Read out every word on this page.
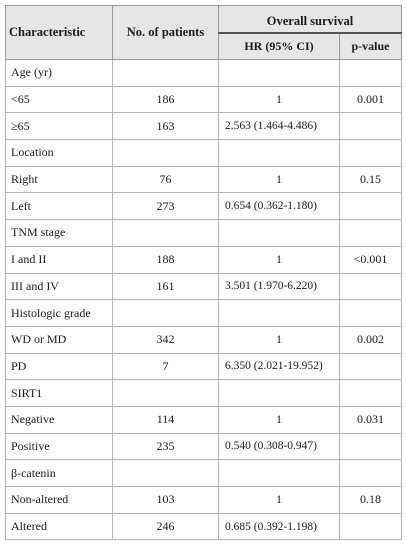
Characteristic	No. of patients	Overall survival	
		HR (95% CI)	p-value
Age (yr)			
<65	186	1	0.001
≥65	163	2.563 (1.464-4.486)	
Location			
Right	76	1	0.15
Left	273	0.654 (0.362-1.180)	
TNM stage			
I and II	188	1	<0.001
III and IV	161	3.501 (1.970-6.220)	
Histologic grade			
WD or MD	342	1	0.002
PD	7	6.350 (2.021-19.952)	
SIRT1			
Negative	114	1	0.031
Positive	235	0.540 (0.308-0.947)	
β-catenin			
Non-altered	103	1	0.18
Altered	246	0.685 (0.392-1.198)	
